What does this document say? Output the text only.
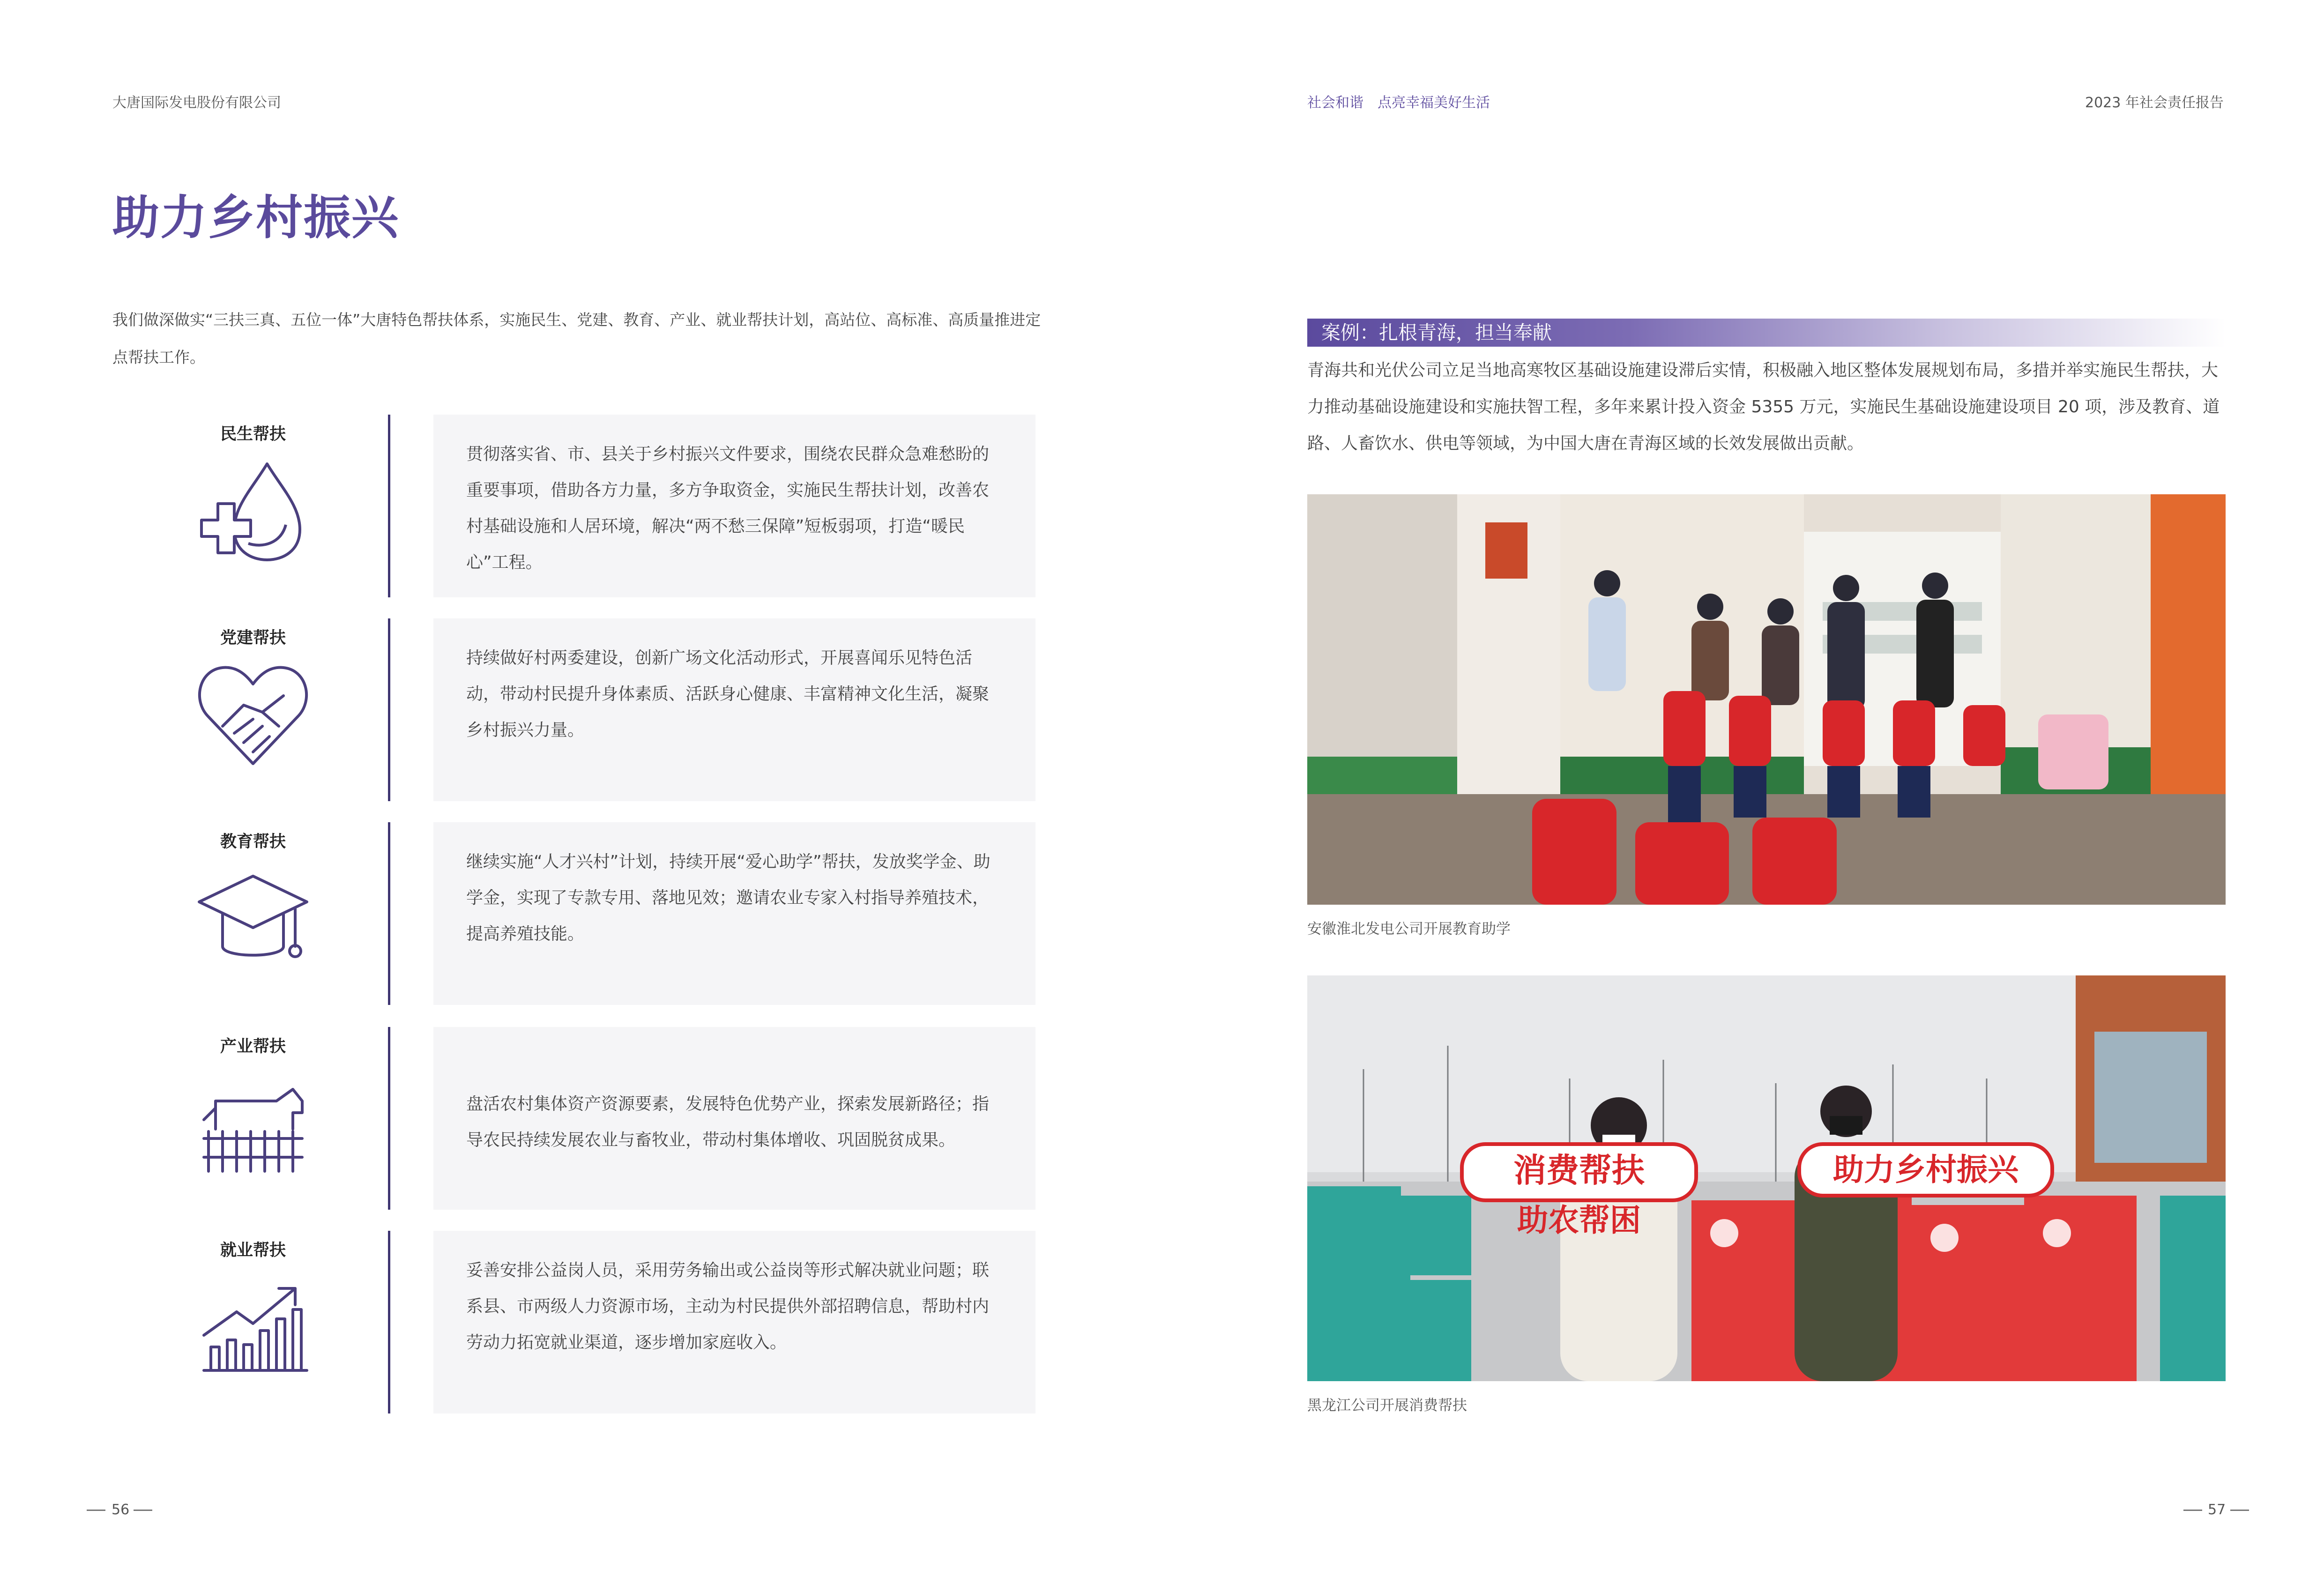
大唐国际发电股份有限公司	社会和谐　点亮幸福美好生活	2023 年社会责任报告
助力乡村振兴
我们做深做实“三扶三真、五位一体”大唐特色帮扶体系，实施民生、党建、教育、产业、就业帮扶计划，高站位、高标准、高质量推进定点帮扶工作。
民生帮扶
贯彻落实省、市、县关于乡村振兴文件要求，围绕农民群众急难愁盼的重要事项，借助各方力量，多方争取资金，实施民生帮扶计划，改善农村基础设施和人居环境，解决“两不愁三保障”短板弱项，打造“暖民心”工程。
党建帮扶
持续做好村两委建设，创新广场文化活动形式，开展喜闻乐见特色活动，带动村民提升身体素质、活跃身心健康、丰富精神文化生活，凝聚乡村振兴力量。
教育帮扶
继续实施“人才兴村”计划，持续开展“爱心助学”帮扶，发放奖学金、助学金，实现了专款专用、落地见效；邀请农业专家入村指导养殖技术，提高养殖技能。
产业帮扶
盘活农村集体资产资源要素，发展特色优势产业，探索发展新路径；指导农民持续发展农业与畜牧业，带动村集体增收、巩固脱贫成果。
就业帮扶
妥善安排公益岗人员，采用劳务输出或公益岗等形式解决就业问题；联系县、市两级人力资源市场，主动为村民提供外部招聘信息，帮助村内劳动力拓宽就业渠道，逐步增加家庭收入。
案例：扎根青海，担当奉献
青海共和光伏公司立足当地高寒牧区基础设施建设滞后实情，积极融入地区整体发展规划布局，多措并举实施民生帮扶，大力推动基础设施建设和实施扶智工程，多年来累计投入资金 5355 万元，实施民生基础设施建设项目 20 项，涉及教育、道路、人畜饮水、供电等领域，为中国大唐在青海区域的长效发展做出贡献。
安徽淮北发电公司开展教育助学
消费帮扶
助农帮困
助力乡村振兴
黑龙江公司开展消费帮扶
56	57
